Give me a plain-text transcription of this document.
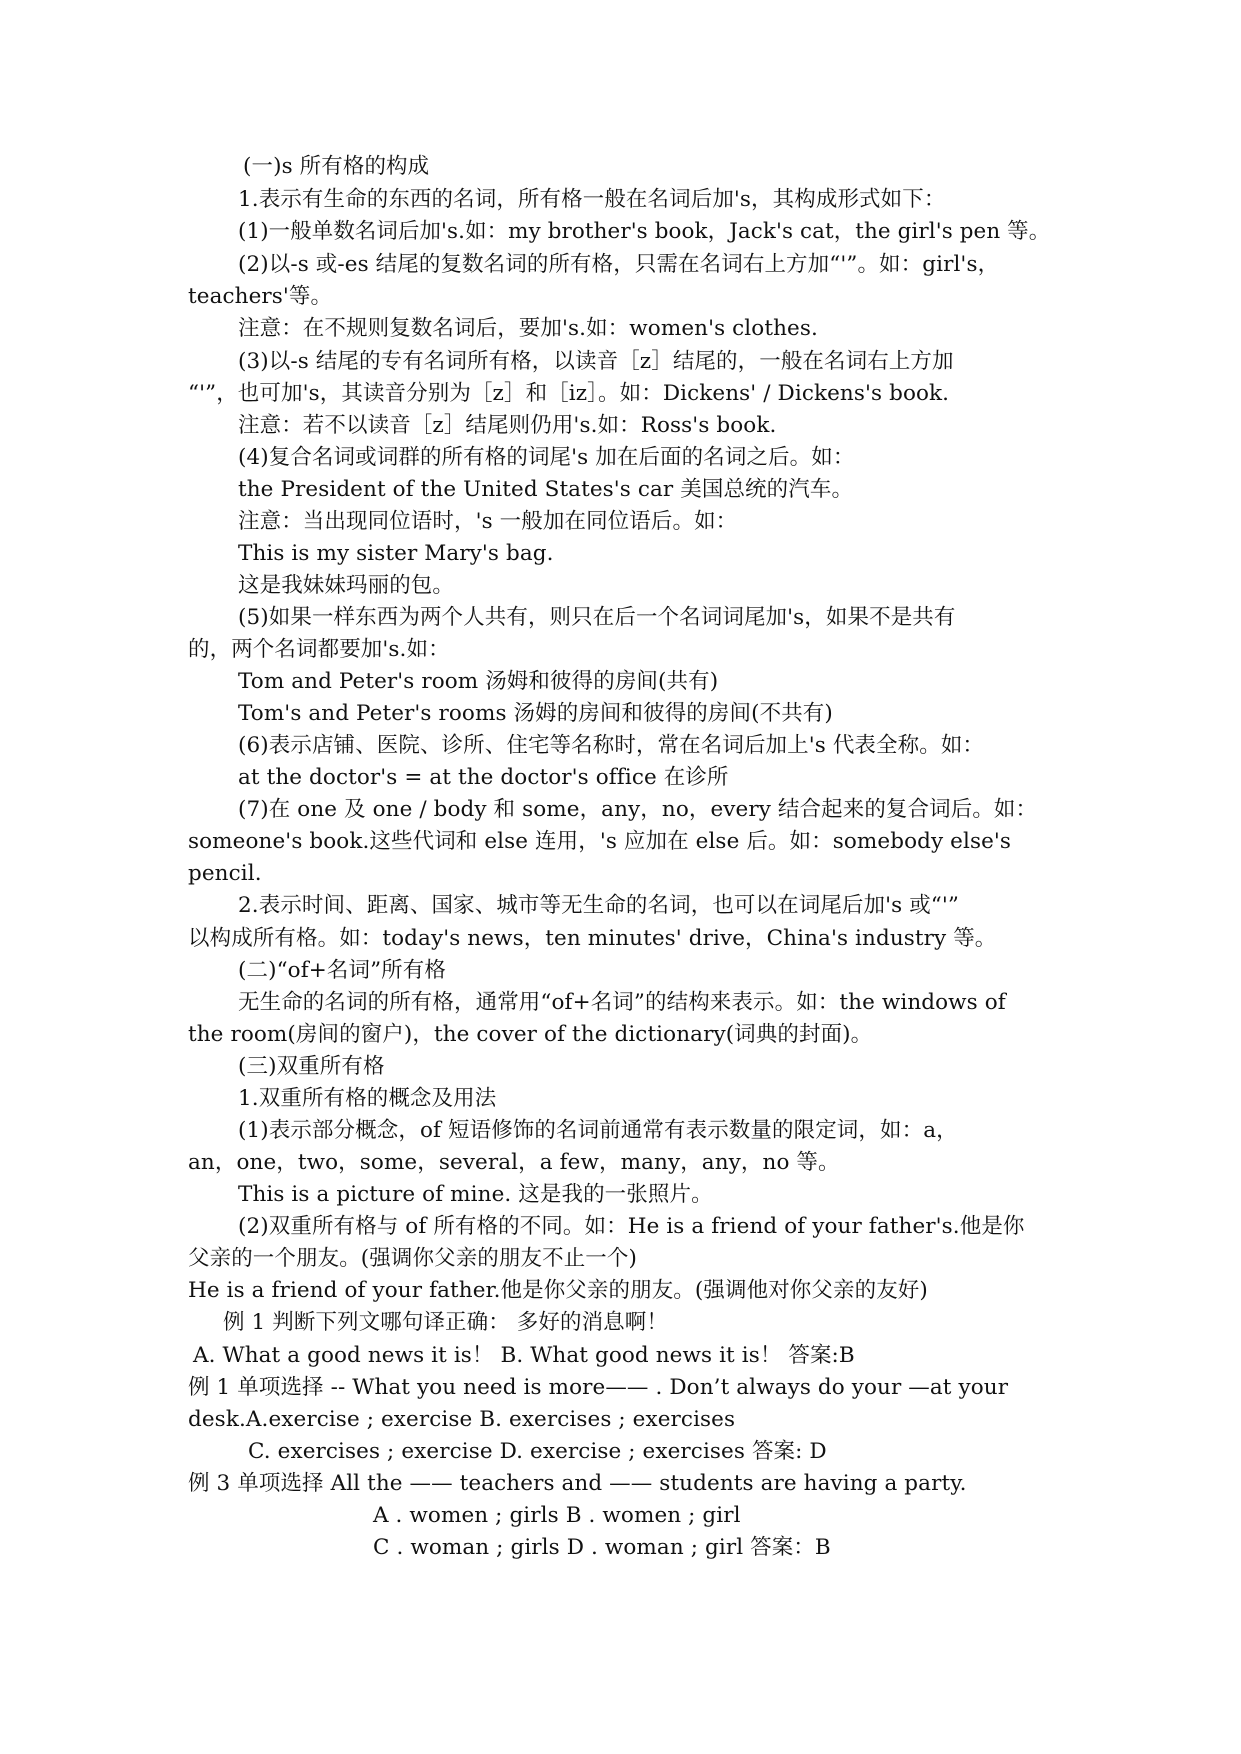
(一)s 所有格的构成
1.表示有生命的东西的名词，所有格一般在名词后加's，其构成形式如下：
(1)一般单数名词后加's.如：my brother's book，Jack's cat，the girl's pen 等。
(2)以-s 或-es 结尾的复数名词的所有格，只需在名词右上方加“'”。如：girl's，
teachers'等。
注意：在不规则复数名词后，要加's.如：women's clothes.
(3)以-s 结尾的专有名词所有格，以读音［z］结尾的，一般在名词右上方加
“'”，也可加's，其读音分别为［z］和［iz］。如：Dickens' / Dickens's book.
注意：若不以读音［z］结尾则仍用's.如：Ross's book.
(4)复合名词或词群的所有格的词尾's 加在后面的名词之后。如：
the President of the United States's car 美国总统的汽车。
注意：当出现同位语时，'s 一般加在同位语后。如：
This is my sister Mary's bag.
这是我妹妹玛丽的包。
(5)如果一样东西为两个人共有，则只在后一个名词词尾加's，如果不是共有
的，两个名词都要加's.如：
Tom and Peter's room 汤姆和彼得的房间(共有)
Tom's and Peter's rooms 汤姆的房间和彼得的房间(不共有)
(6)表示店铺、医院、诊所、住宅等名称时，常在名词后加上's 代表全称。如：
at the doctor's = at the doctor's office 在诊所
(7)在 one 及 one / body 和 some，any，no，every 结合起来的复合词后。如：
someone's book.这些代词和 else 连用，'s 应加在 else 后。如：somebody else's
pencil.
2.表示时间、距离、国家、城市等无生命的名词，也可以在词尾后加's 或“'”
以构成所有格。如：today's news，ten minutes' drive，China's industry 等。
(二)“of+名词”所有格
无生命的名词的所有格，通常用“of+名词”的结构来表示。如：the windows of
the room(房间的窗户)，the cover of the dictionary(词典的封面)。
(三)双重所有格
1.双重所有格的概念及用法
(1)表示部分概念，of 短语修饰的名词前通常有表示数量的限定词，如：a，
an，one，two，some，several，a few，many，any，no 等。
This is a picture of mine. 这是我的一张照片。
(2)双重所有格与 of 所有格的不同。如：He is a friend of your father's.他是你
父亲的一个朋友。(强调你父亲的朋友不止一个)
He is a friend of your father.他是你父亲的朋友。(强调他对你父亲的友好)
例 1 判断下列文哪句译正确： 多好的消息啊！
A. What a good news it is！ B. What good news it is！ 答案:B
例 1 单项选择 -- What you need is more—— . Don’t always do your —at your
desk.A.exercise ; exercise B. exercises ; exercises
C. exercises ; exercise D. exercise ; exercises 答案: D
例 3 单项选择 All the —— teachers and —— students are having a party.
A . women ; girls B . women ; girl
C . woman ; girls D . woman ; girl 答案：B
